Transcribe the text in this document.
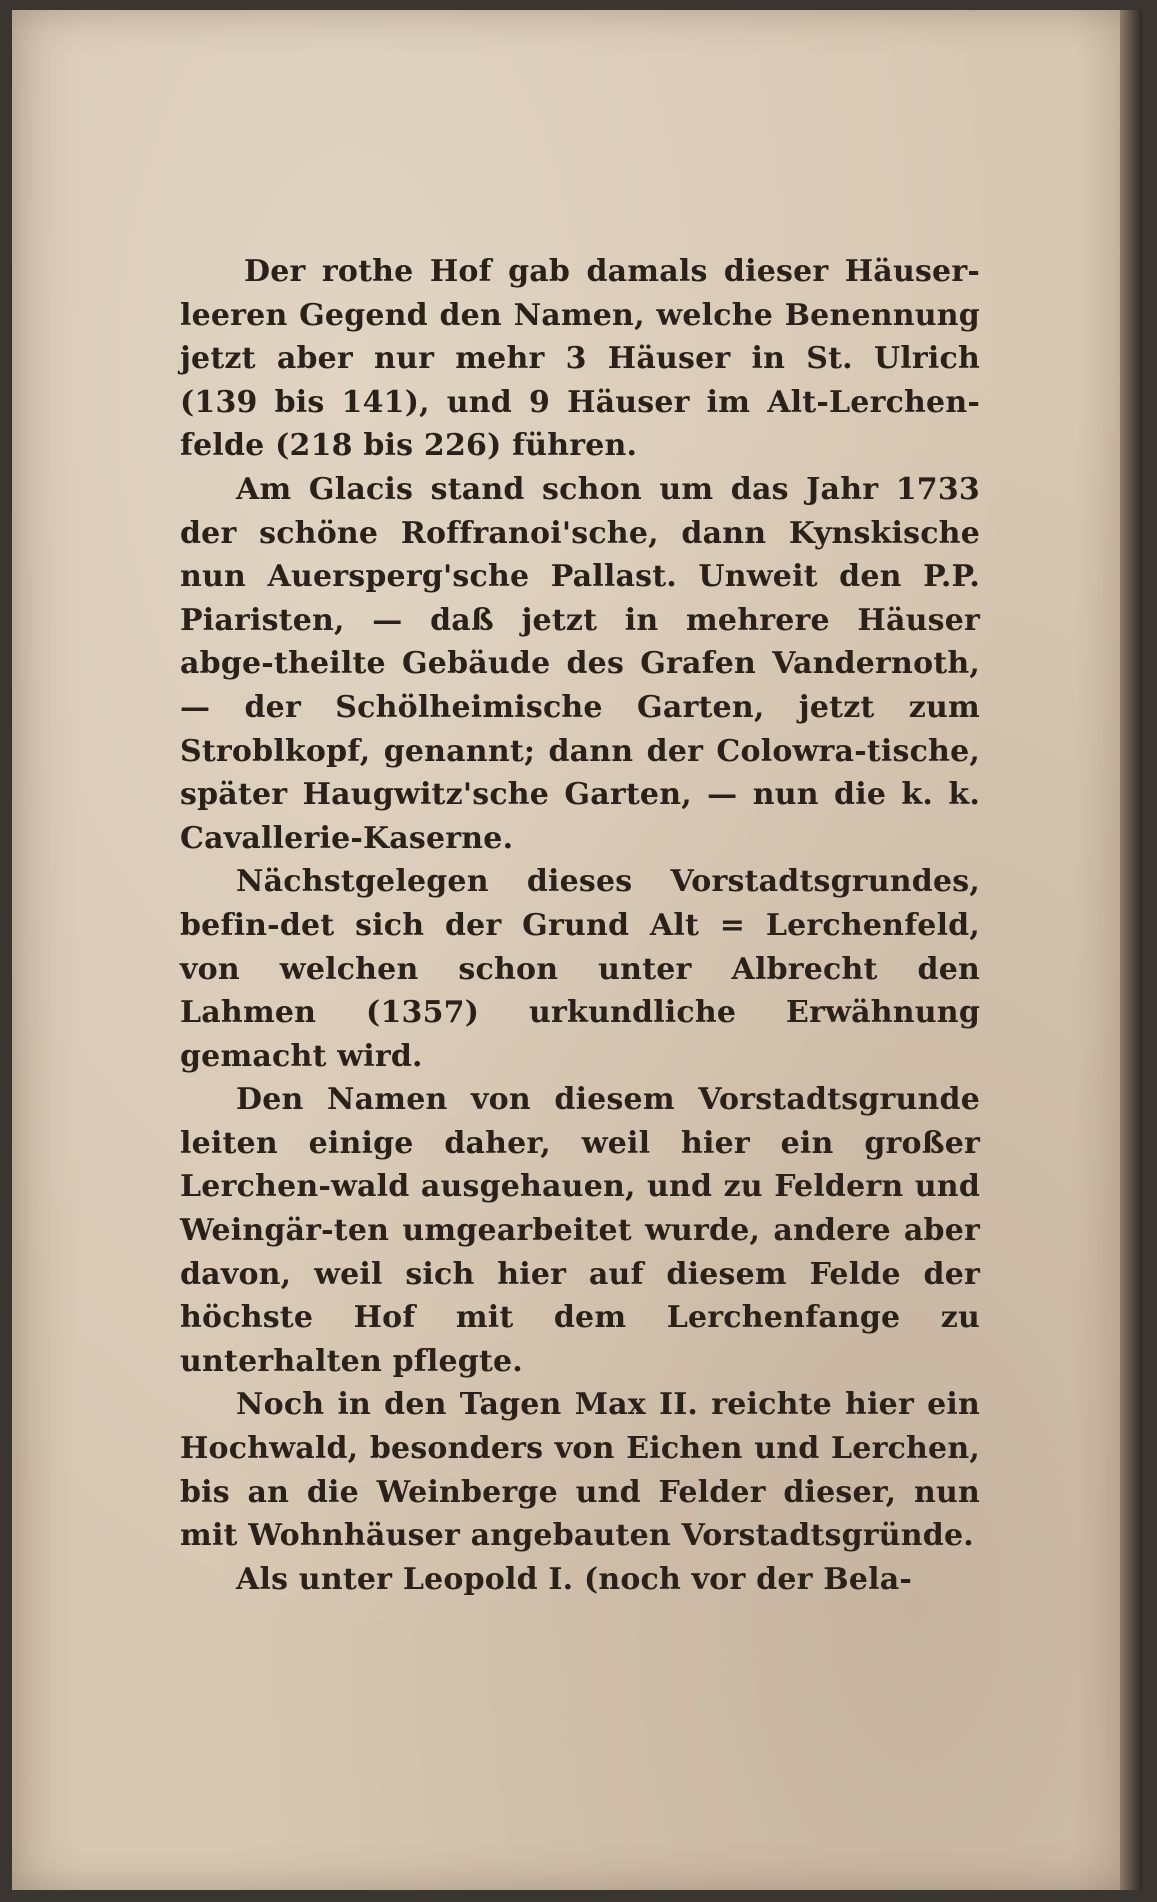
Der rothe Hof gab damals dieser Häuser-leeren Gegend den Namen, welche Benennung jetzt aber nur mehr 3 Häuser in St. Ulrich (139 bis 141), und 9 Häuser im Alt-Lerchen-felde (218 bis 226) führen.

Am Glacis stand schon um das Jahr 1733 der schöne Roffranoi'sche, dann Kynskische nun Auersperg'sche Pallast. Unweit den P.P. Piaristen, — daß jetzt in mehrere Häuser abge-theilte Gebäude des Grafen Vandernoth, — der Schölheimische Garten, jetzt zum Stroblkopf, genannt; dann der Colowra-tische, später Haugwitz'sche Garten, — nun die k. k. Cavallerie-Kaserne.

Nächstgelegen dieses Vorstadtsgrundes, befin-det sich der Grund Alt = Lerchenfeld, von welchen schon unter Albrecht den Lahmen (1357) urkundliche Erwähnung gemacht wird.

Den Namen von diesem Vorstadtsgrunde leiten einige daher, weil hier ein großer Lerchen-wald ausgehauen, und zu Feldern und Weingär-ten umgearbeitet wurde, andere aber davon, weil sich hier auf diesem Felde der höchste Hof mit dem Lerchenfange zu unterhalten pflegte.

Noch in den Tagen Max II. reichte hier ein Hochwald, besonders von Eichen und Lerchen, bis an die Weinberge und Felder dieser, nun mit Wohnhäuser angebauten Vorstadtsgründe.

Als unter Leopold I. (noch vor der Bela-
